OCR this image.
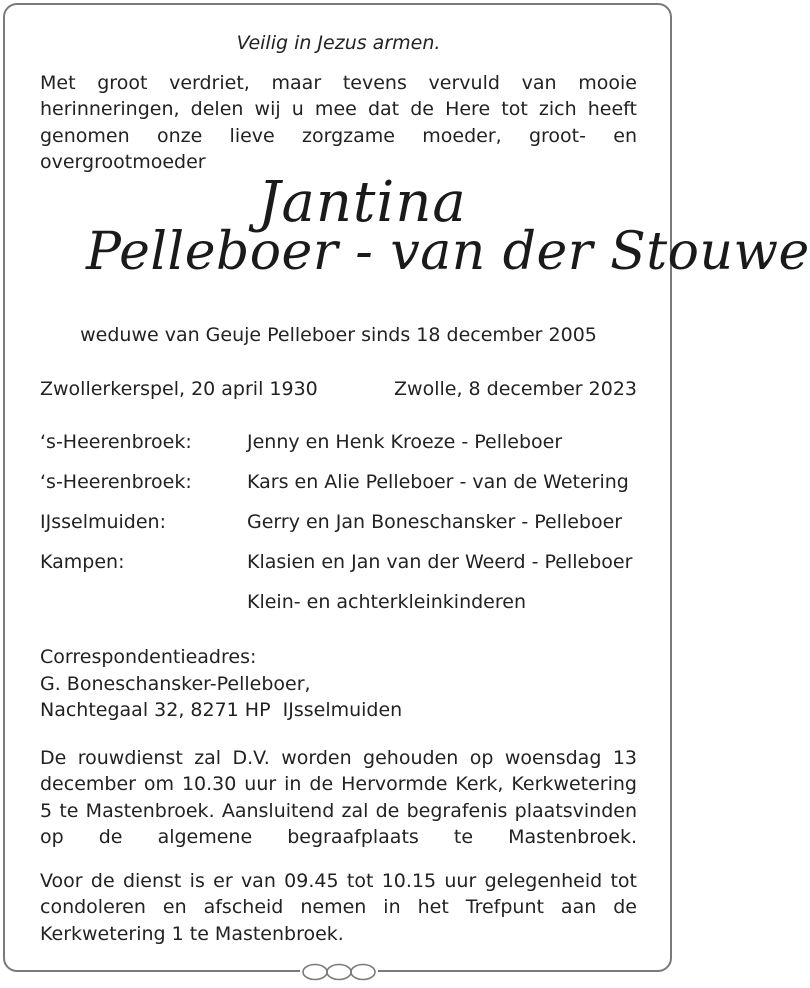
Veilig in Jezus armen.
Met groot verdriet, maar tevens vervuld van mooie herinneringen, delen wij u mee dat de Here tot zich heeft genomen onze lieve zorgzame moeder, groot- en overgrootmoeder
Jantina
Pelleboer - van der Stouwe
weduwe van Geuje Pelleboer sinds 18 december 2005
Zwollerkerspel, 20 april 1930	Zwolle, 8 december 2023
‘s-Heerenbroek:	Jenny en Henk Kroeze - Pelleboer
‘s-Heerenbroek:	Kars en Alie Pelleboer - van de Wetering
IJsselmuiden:	Gerry en Jan Boneschansker - Pelleboer
Kampen:	Klasien en Jan van der Weerd - Pelleboer
Klein- en achterkleinkinderen
Correspondentieadres:
G. Boneschansker-Pelleboer,
Nachtegaal 32, 8271 HP  IJsselmuiden
De rouwdienst zal D.V. worden gehouden op woensdag 13 december om 10.30 uur in de Hervormde Kerk, Kerkwetering 5 te Mastenbroek. Aansluitend zal de begrafenis plaatsvinden op de algemene begraafplaats te Mastenbroek.
Voor de dienst is er van 09.45 tot 10.15 uur gelegenheid tot condoleren en afscheid nemen in het Trefpunt aan de Kerkwetering 1 te Mastenbroek.
